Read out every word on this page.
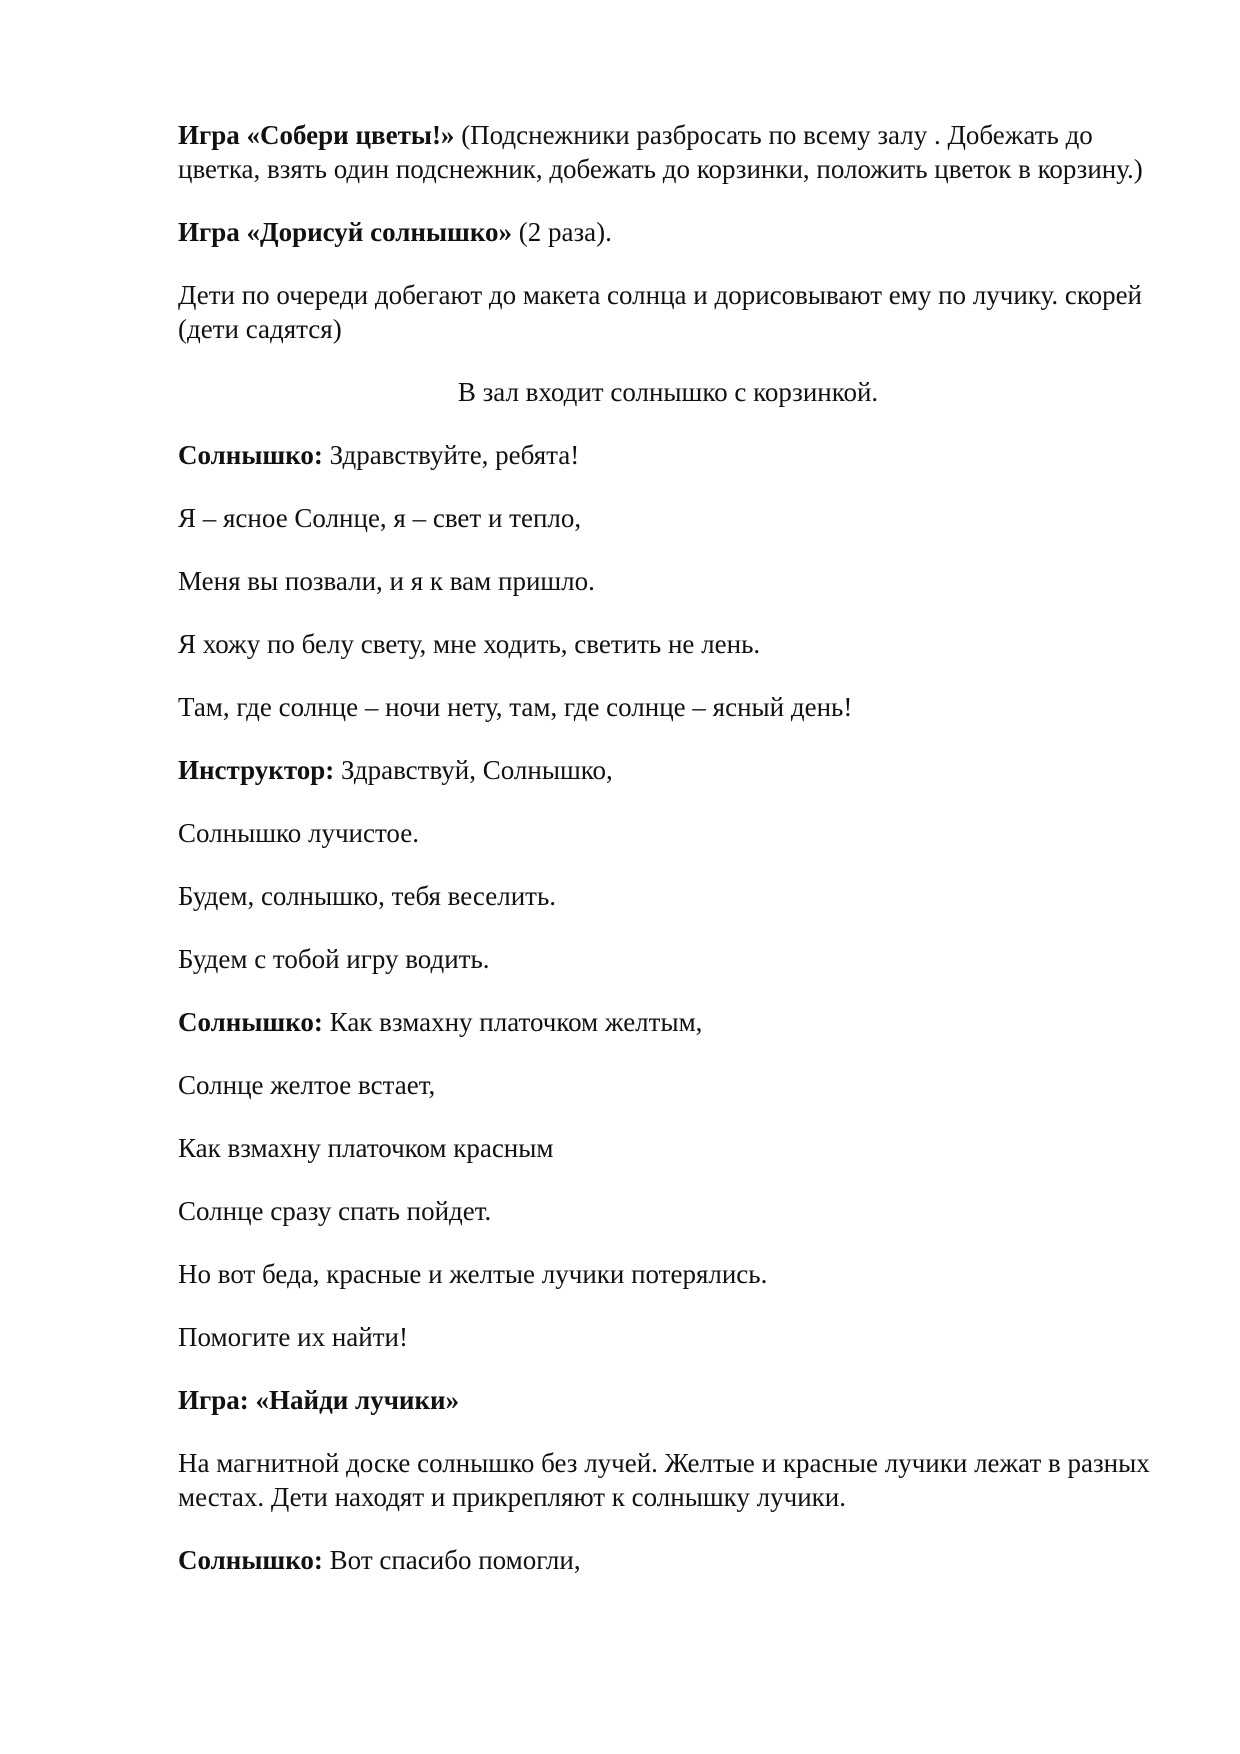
Игра «Собери цветы!» (Подснежники разбросать по всему залу . Добежать до цветка, взять один подснежник, добежать до корзинки, положить цветок в корзину.)

Игра «Дорисуй солнышко» (2 раза).

Дети по очереди добегают до макета солнца и дорисовывают ему по лучику. скорей (дети садятся)

В зал входит солнышко с корзинкой.

Солнышко: Здравствуйте, ребята!

Я – ясное Солнце, я – свет и тепло,

Меня вы позвали, и я к вам пришло.

Я хожу по белу свету, мне ходить, светить не лень.

Там, где солнце – ночи нету, там, где солнце – ясный день!

Инструктор: Здравствуй, Солнышко,

Солнышко лучистое.

Будем, солнышко, тебя веселить.

Будем с тобой игру водить.

Солнышко: Как взмахну платочком желтым,

Солнце желтое встает,

Как взмахну платочком красным

Солнце сразу спать пойдет.

Но вот беда, красные и желтые лучики потерялись.

Помогите их найти!

Игра: «Найди лучики»

На магнитной доске солнышко без лучей. Желтые и красные лучики лежат в разных местах. Дети находят и прикрепляют к солнышку лучики.

Солнышко: Вот спасибо помогли,
